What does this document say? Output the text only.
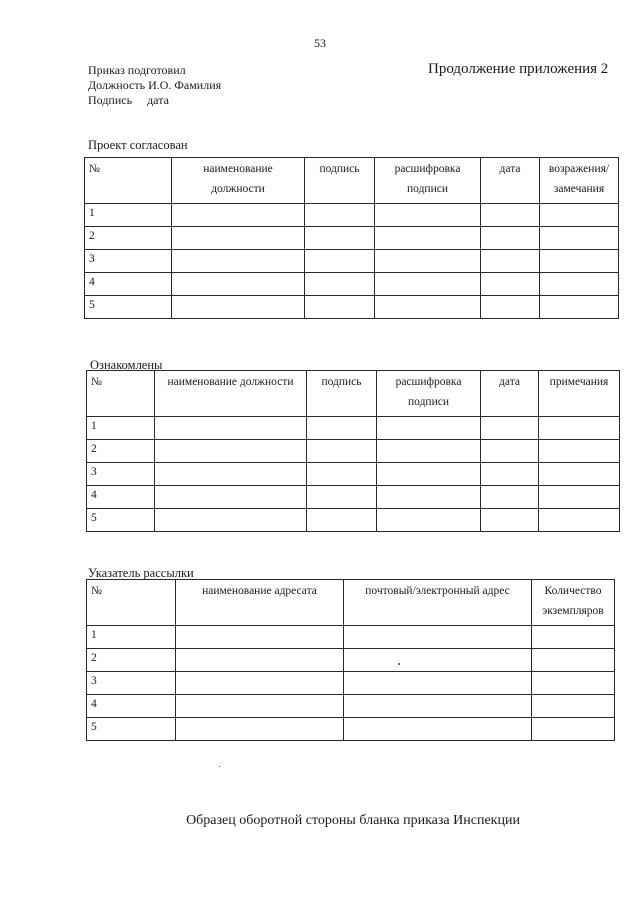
53
Приказ подготовил
Должность И.О. Фамилия
Подпись     дата
Продолжение приложения 2
Проект согласован
№	наименование должности	подпись	расшифровка подписи	дата	возражения/ замечания
1					
2					
3					
4					
5					
Ознакомлены
№	наименование должности	подпись	расшифровка подписи	дата	примечания
1					
2					
3					
4					
5					
Указатель рассылки
№	наименование адресата	почтовый/электронный адрес	Количество экземпляров
1			
2			
3			
4			
5			
Образец оборотной стороны бланка приказа Инспекции
